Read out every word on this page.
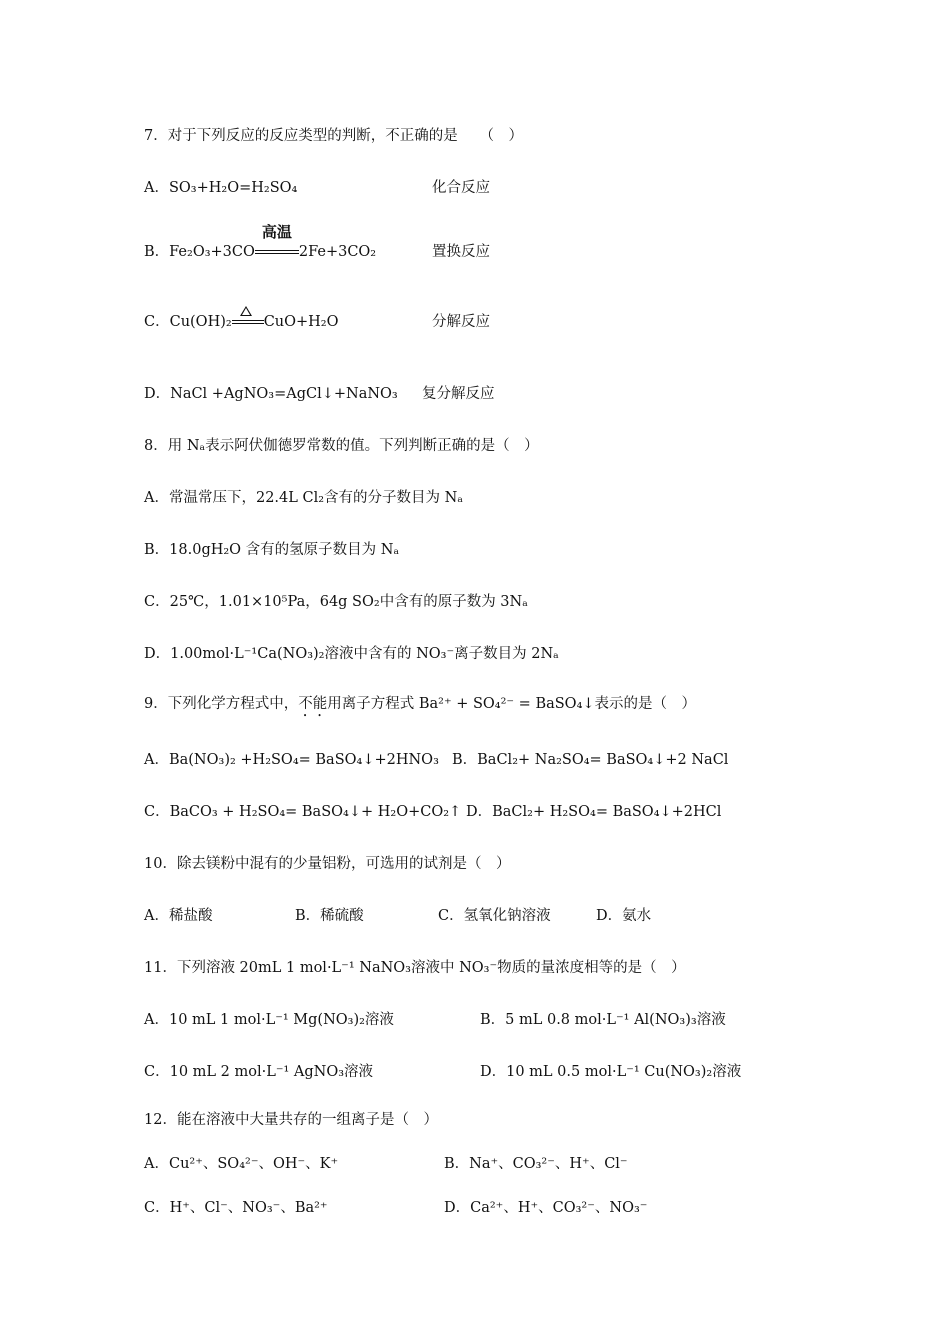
7．对于下列反应的反应类型的判断，不正确的是　　（　）
A．SO₃+H₂O=H₂SO₄	化合反应
B．Fe₂O₃+3CO
高温
2Fe+3CO₂	置换反应
C．Cu(OH)₂ CuO+H₂O	分解反应
D．NaCl +AgNO₃=AgCl↓+NaNO₃ 复分解反应
8．用 Nₐ表示阿伏伽德罗常数的值。下列判断正确的是（　）
A．常温常压下，22.4L Cl₂含有的分子数目为 Nₐ
B．18.0gH₂O 含有的氢原子数目为 Nₐ
C．25℃，1.01×10⁵Pa，64g SO₂中含有的原子数为 3Nₐ
D．1.00mol·L⁻¹Ca(NO₃)₂溶液中含有的 NO₃⁻离子数目为 2Nₐ
9．下列化学方程式中，不能用离子方程式 Ba²⁺ + SO₄²⁻ = BaSO₄↓表示的是（　）
A．Ba(NO₃)₂ +H₂SO₄= BaSO₄↓+2HNO₃ B．BaCl₂+ Na₂SO₄= BaSO₄↓+2 NaCl
C．BaCO₃ + H₂SO₄= BaSO₄↓+ H₂O+CO₂↑ D．BaCl₂+ H₂SO₄= BaSO₄↓+2HCl
10．除去镁粉中混有的少量铝粉，可选用的试剂是（　）
A．稀盐酸	B．稀硫酸	C．氢氧化钠溶液	D．氨水
11．下列溶液 20mL 1 mol·L⁻¹ NaNO₃溶液中 NO₃⁻物质的量浓度相等的是（　）
A．10 mL 1 mol·L⁻¹ Mg(NO₃)₂溶液	B．5 mL 0.8 mol·L⁻¹ Al(NO₃)₃溶液
C．10 mL 2 mol·L⁻¹ AgNO₃溶液	D．10 mL 0.5 mol·L⁻¹ Cu(NO₃)₂溶液
12．能在溶液中大量共存的一组离子是（　）
A．Cu²⁺、SO₄²⁻、OH⁻、K⁺	B．Na⁺、CO₃²⁻、H⁺、Cl⁻
C．H⁺、Cl⁻、NO₃⁻、Ba²⁺	D．Ca²⁺、H⁺、CO₃²⁻、NO₃⁻
